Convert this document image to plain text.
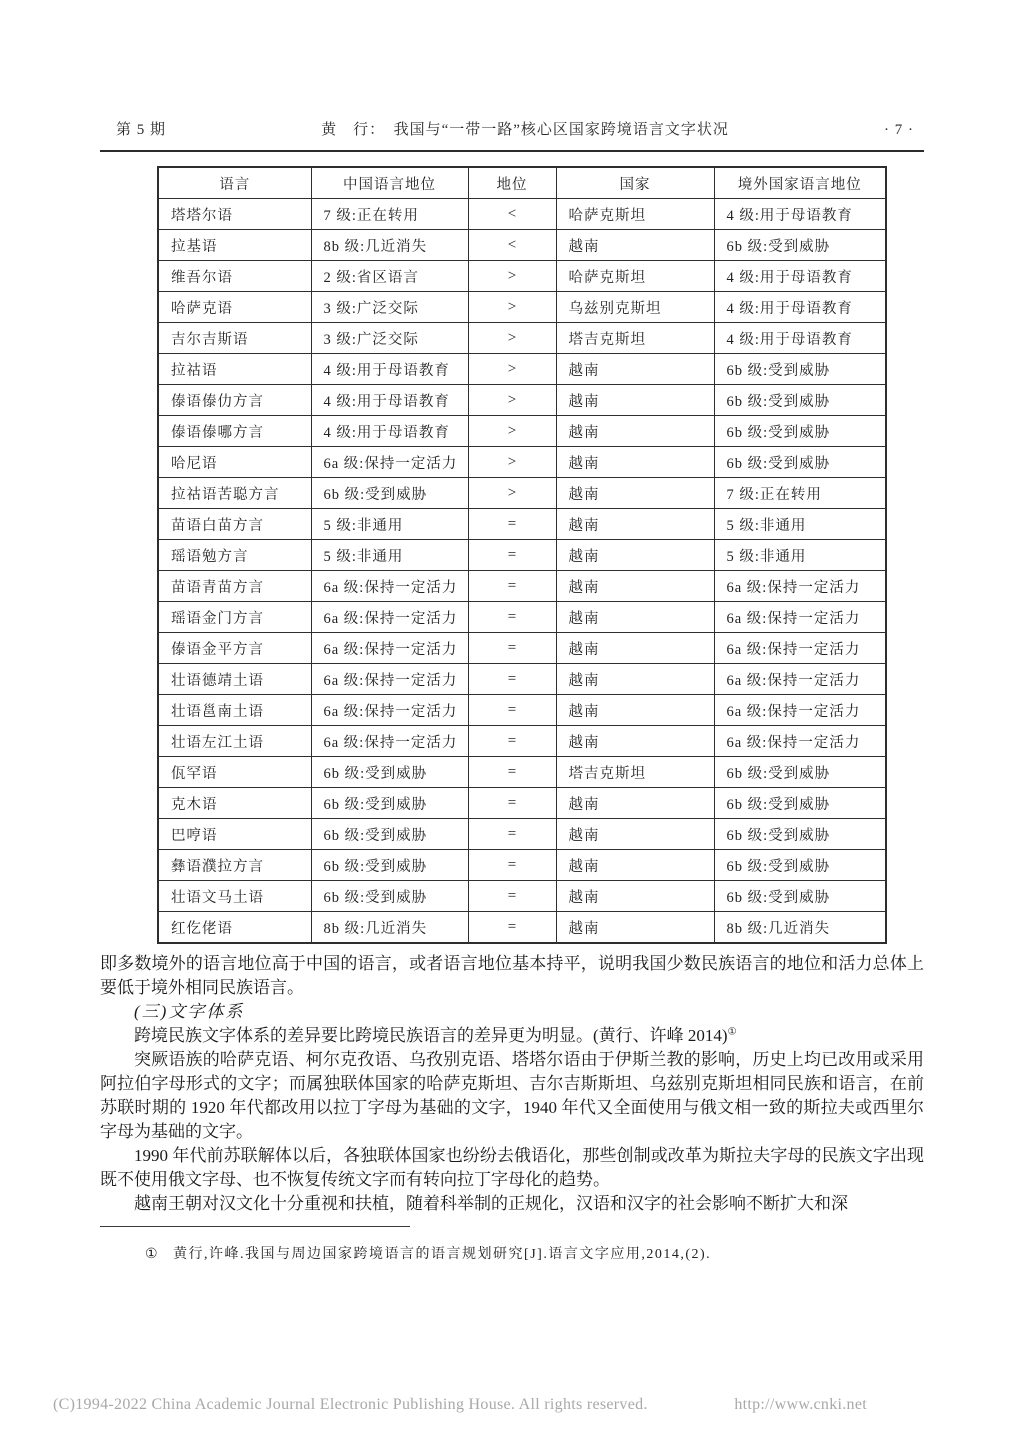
第 5 期	黄　行：　我国与“一带一路”核心区国家跨境语言文字状况	· 7 ·
语言	中国语言地位	地位	国家	境外国家语言地位
塔塔尔语	7 级:正在转用	<	哈萨克斯坦	4 级:用于母语教育
拉基语	8b 级:几近消失	<	越南	6b 级:受到威胁
维吾尔语	2 级:省区语言	>	哈萨克斯坦	4 级:用于母语教育
哈萨克语	3 级:广泛交际	>	乌兹别克斯坦	4 级:用于母语教育
吉尔吉斯语	3 级:广泛交际	>	塔吉克斯坦	4 级:用于母语教育
拉祜语	4 级:用于母语教育	>	越南	6b 级:受到威胁
傣语傣仂方言	4 级:用于母语教育	>	越南	6b 级:受到威胁
傣语傣哪方言	4 级:用于母语教育	>	越南	6b 级:受到威胁
哈尼语	6a 级:保持一定活力	>	越南	6b 级:受到威胁
拉祜语苦聪方言	6b 级:受到威胁	>	越南	7 级:正在转用
苗语白苗方言	5 级:非通用	=	越南	5 级:非通用
瑶语勉方言	5 级:非通用	=	越南	5 级:非通用
苗语青苗方言	6a 级:保持一定活力	=	越南	6a 级:保持一定活力
瑶语金门方言	6a 级:保持一定活力	=	越南	6a 级:保持一定活力
傣语金平方言	6a 级:保持一定活力	=	越南	6a 级:保持一定活力
壮语德靖土语	6a 级:保持一定活力	=	越南	6a 级:保持一定活力
壮语邕南土语	6a 级:保持一定活力	=	越南	6a 级:保持一定活力
壮语左江土语	6a 级:保持一定活力	=	越南	6a 级:保持一定活力
佤罕语	6b 级:受到威胁	=	塔吉克斯坦	6b 级:受到威胁
克木语	6b 级:受到威胁	=	越南	6b 级:受到威胁
巴哼语	6b 级:受到威胁	=	越南	6b 级:受到威胁
彝语濮拉方言	6b 级:受到威胁	=	越南	6b 级:受到威胁
壮语文马土语	6b 级:受到威胁	=	越南	6b 级:受到威胁
红仡佬语	8b 级:几近消失	=	越南	8b 级:几近消失

即多数境外的语言地位高于中国的语言，或者语言地位基本持平，说明我国少数民族语言的地位和活力总体上要低于境外相同民族语言。

(三)文字体系

跨境民族文字体系的差异要比跨境民族语言的差异更为明显。(黄行、许峰 2014)①

突厥语族的哈萨克语、柯尔克孜语、乌孜别克语、塔塔尔语由于伊斯兰教的影响，历史上均已改用或采用阿拉伯字母形式的文字；而属独联体国家的哈萨克斯坦、吉尔吉斯斯坦、乌兹别克斯坦相同民族和语言，在前苏联时期的 1920 年代都改用以拉丁字母为基础的文字，1940 年代又全面使用与俄文相一致的斯拉夫或西里尔字母为基础的文字。

1990 年代前苏联解体以后，各独联体国家也纷纷去俄语化，那些创制或改革为斯拉夫字母的民族文字出现既不使用俄文字母、也不恢复传统文字而有转向拉丁字母化的趋势。

越南王朝对汉文化十分重视和扶植，随着科举制的正规化，汉语和汉字的社会影响不断扩大和深

① 黄行,许峰.我国与周边国家跨境语言的语言规划研究[J].语言文字应用,2014,(2).
(C)1994-2022 China Academic Journal Electronic Publishing House. All rights reserved.	http://www.cnki.net
